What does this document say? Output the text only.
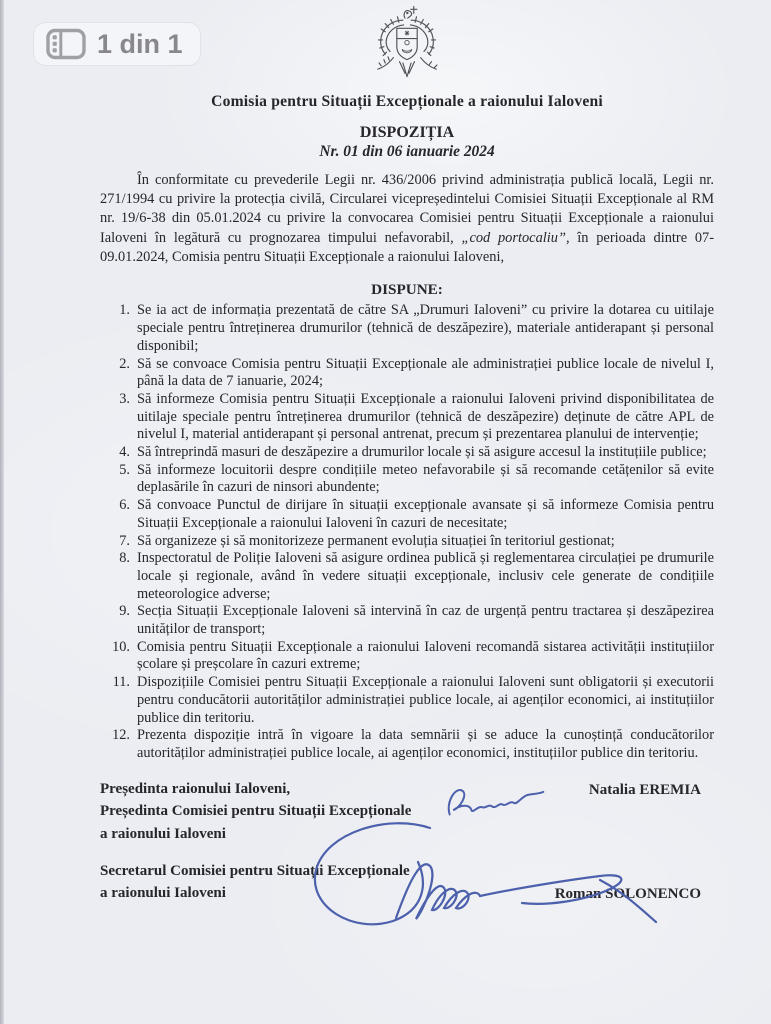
1 din 1
Comisia pentru Situații Excepționale a raionului Ialoveni
DISPOZIȚIA
Nr. 01 din 06 ianuarie 2024

În conformitate cu prevederile Legii nr. 436/2006 privind administrația publică locală, Legii nr. 271/1994 cu privire la protecția civilă, Circularei vicepreședintelui Comisiei Situații Excepționale al RM nr. 19/6-38 din 05.01.2024 cu privire la convocarea Comisiei pentru Situații Excepționale a raionului Ialoveni în legătură cu prognozarea timpului nefavorabil, „cod portocaliu”, în perioada dintre 07-09.01.2024, Comisia pentru Situații Excepționale a raionului Ialoveni,

DISPUNE:
1. Se ia act de informația prezentată de către SA „Drumuri Ialoveni” cu privire la dotarea cu uitilaje speciale pentru întreținerea drumurilor (tehnică de deszăpezire), materiale antiderapant și personal disponibil;
2. Să se convoace Comisia pentru Situații Excepționale ale administrației publice locale de nivelul I, până la data de 7 ianuarie, 2024;
3. Să informeze Comisia pentru Situații Excepționale a raionului Ialoveni privind disponibilitatea de uitilaje speciale pentru întreținerea drumurilor (tehnică de deszăpezire) deținute de către APL de nivelul I, material antiderapant și personal antrenat, precum și prezentarea planului de intervenție;
4. Să întreprindă masuri de deszăpezire a drumurilor locale și să asigure accesul la instituțiile publice;
5. Să informeze locuitorii despre condițiile meteo nefavorabile și să recomande cetățenilor să evite deplasările în cazuri de ninsori abundente;
6. Să convoace Punctul de dirijare în situații excepționale avansate și să informeze Comisia pentru Situații Excepționale a raionului Ialoveni în cazuri de necesitate;
7. Să organizeze și să monitorizeze permanent evoluția situației în teritoriul gestionat;
8. Inspectoratul de Poliție Ialoveni să asigure ordinea publică și reglementarea circulației pe drumurile locale și regionale, având în vedere situații excepționale, inclusiv cele generate de condițiile meteorologice adverse;
9. Secția Situații Excepționale Ialoveni să intervină în caz de urgență pentru tractarea și deszăpezirea unităților de transport;
10. Comisia pentru Situații Excepționale a raionului Ialoveni recomandă sistarea activității instituțiilor școlare și preșcolare în cazuri extreme;
11. Dispozițiile Comisiei pentru Situații Excepționale a raionului Ialoveni sunt obligatorii și executorii pentru conducătorii autorităților administrației publice locale, ai agenților economici, ai instituțiilor publice din teritoriu.
12. Prezenta dispoziție intră în vigoare la data semnării și se aduce la cunoștință conducătorilor autorităților administrației publice locale, ai agenților economici, instituțiilor publice din teritoriu.
Președinta raionului Ialoveni,
Președinta Comisiei pentru Situații Excepționale
a raionului Ialoveni
Natalia EREMIA
Secretarul Comisiei pentru Situații Excepționale
a raionului Ialoveni	Roman SOLONENCO
